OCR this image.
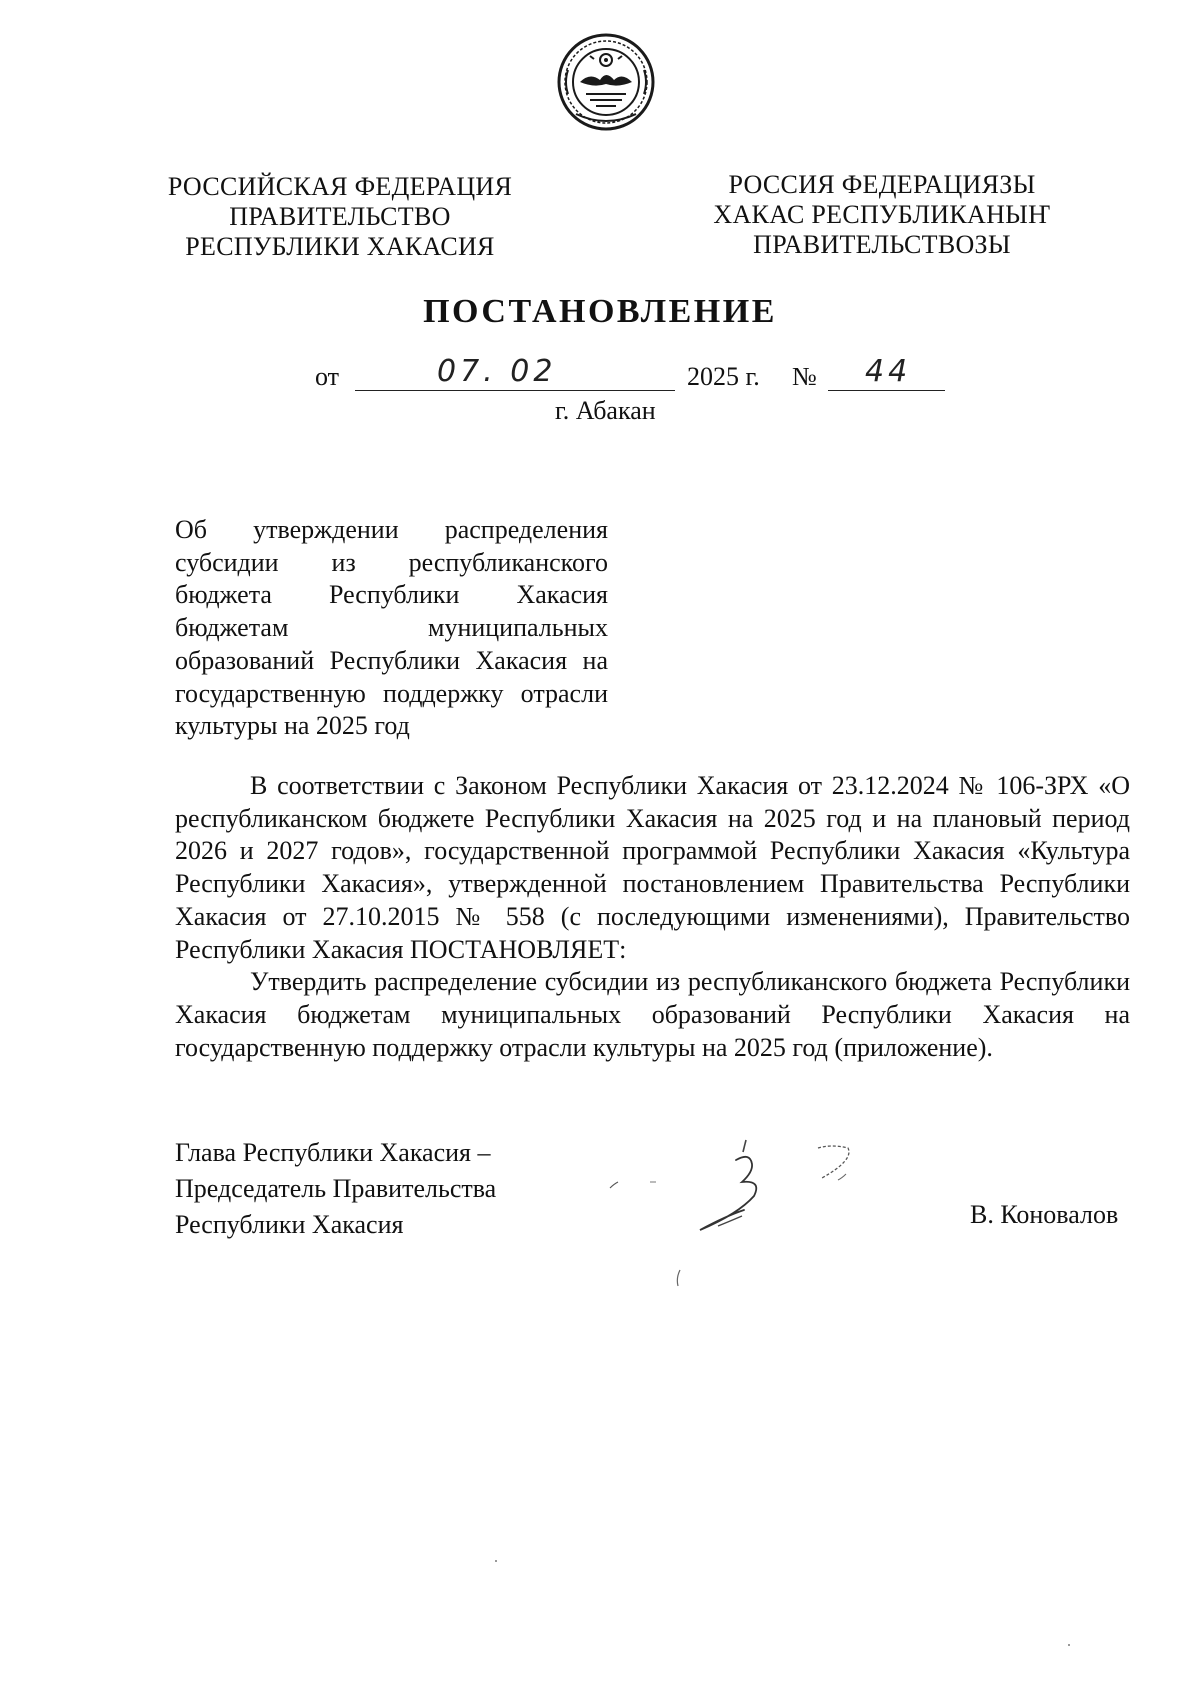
РОССИЙСКАЯ ФЕДЕРАЦИЯ
ПРАВИТЕЛЬСТВО
РЕСПУБЛИКИ ХАКАСИЯ
РОССИЯ ФЕДЕРАЦИЯЗЫ
ХАКАС РЕСПУБЛИКАНЫҤ
ПРАВИТЕЛЬСТВОЗЫ
ПОСТАНОВЛЕНИЕ
от	07. 02	2025 г. № 44
г. Абакан
Об утверждении распределения субсидии из республиканского бюджета Республики Хакасия бюджетам муниципальных образований Республики Хакасия на государственную поддержку отрасли культуры на 2025 год

В соответствии с Законом Республики Хакасия от 23.12.2024 № 106-ЗРХ «О республиканском бюджете Республики Хакасия на 2025 год и на плановый период 2026 и 2027 годов», государственной программой Республики Хакасия «Культура Республики Хакасия», утвержденной постановлением Правительства Республики Хакасия от 27.10.2015 № 558 (с последующими изменениями), Правительство Республики Хакасия ПОСТАНОВЛЯЕТ:

Утвердить распределение субсидии из республиканского бюджета Республики Хакасия бюджетам муниципальных образований Республики Хакасия на государственную поддержку отрасли культуры на 2025 год (приложение).

Глава Республики Хакасия –
Председатель Правительства
Республики Хакасия	В. Коновалов
